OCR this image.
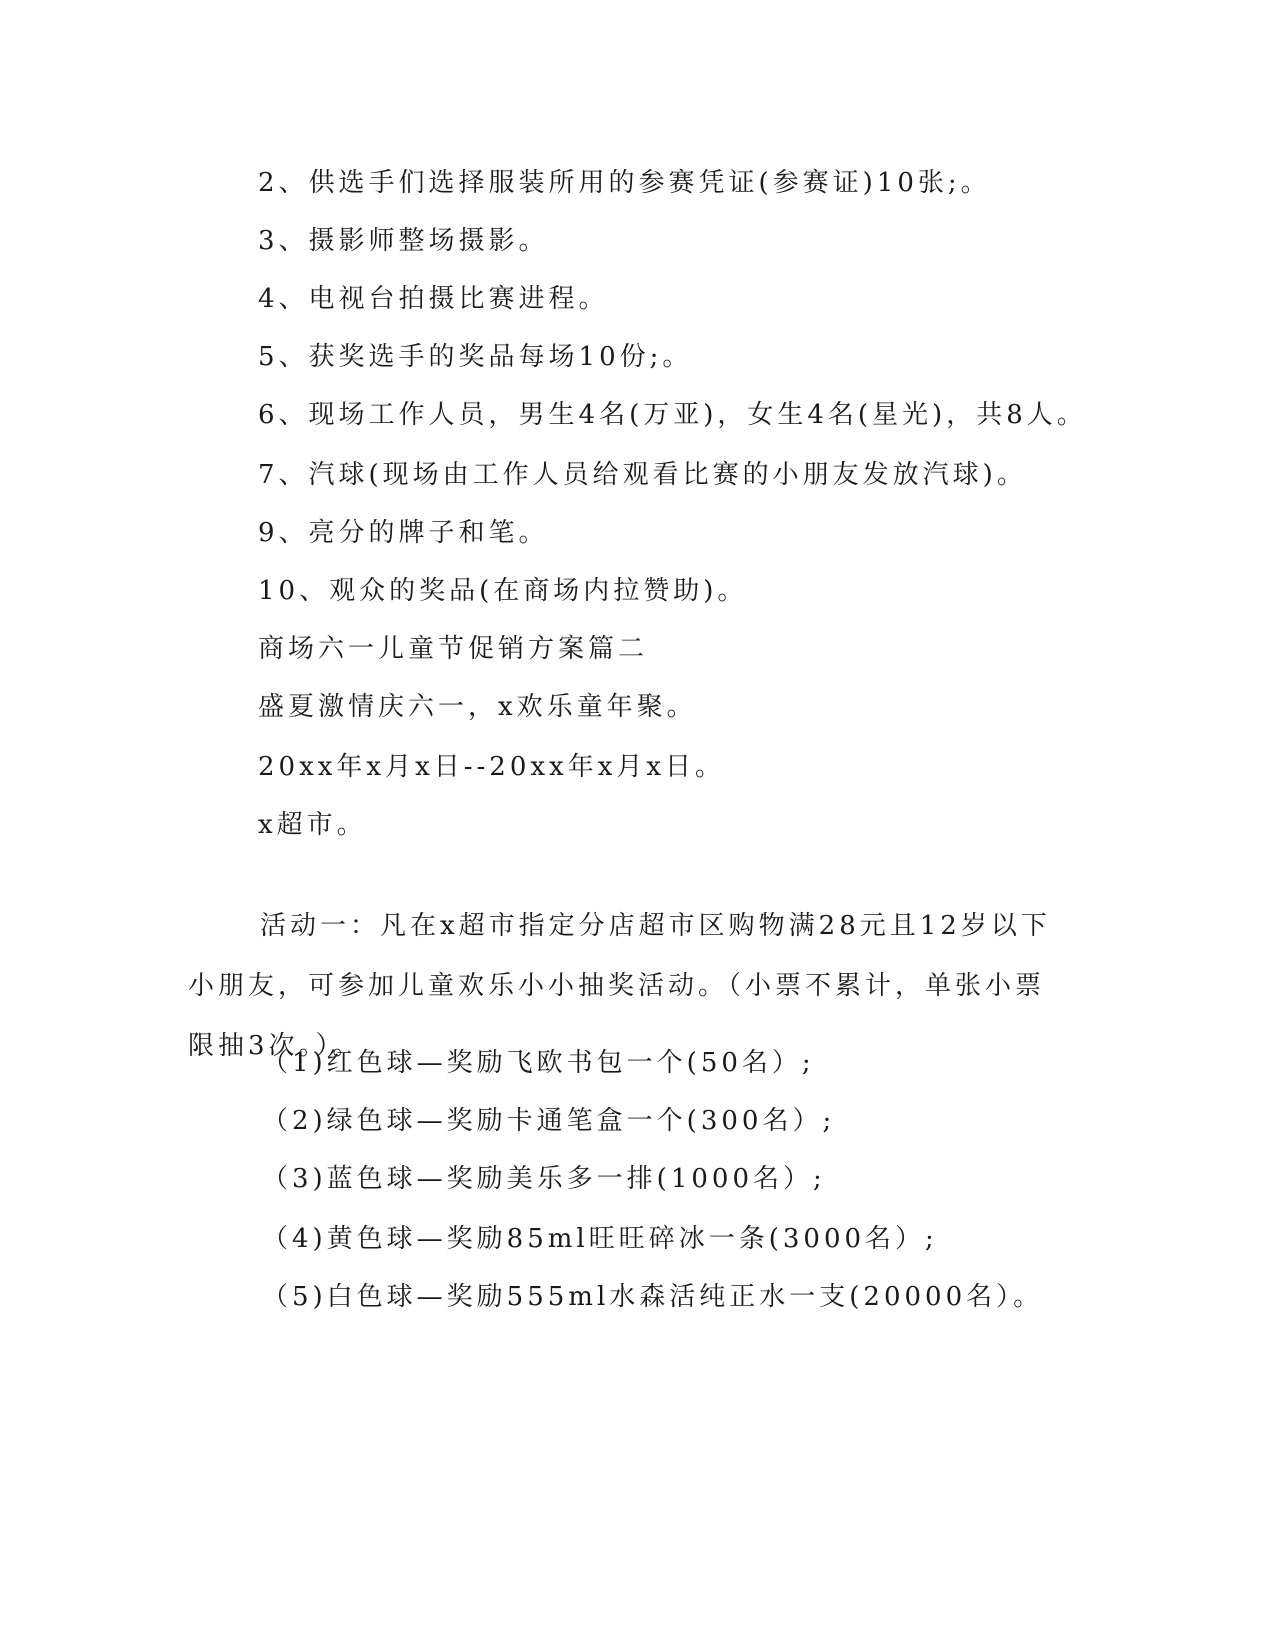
2、供选手们选择服装所用的参赛凭证(参赛证)10张;。
3、摄影师整场摄影。
4、电视台拍摄比赛进程。
5、获奖选手的奖品每场10份;。
6、现场工作人员，男生4名(万亚)，女生4名(星光)，共8人。
7、汽球(现场由工作人员给观看比赛的小朋友发放汽球)。
9、亮分的牌子和笔。
10、观众的奖品(在商场内拉赞助)。
商场六一儿童节促销方案篇二
盛夏激情庆六一，x欢乐童年聚。
20xx年x月x日--20xx年x月x日。
x超市。
活动一：凡在x超市指定分店超市区购物满28元且12岁以下小朋友，可参加儿童欢乐小小抽奖活动。（小票不累计，单张小票限抽3次。）。
（1)红色球—奖励飞欧书包一个(50名）;
（2)绿色球—奖励卡通笔盒一个(300名）;
（3)蓝色球—奖励美乐多一排(1000名）;
（4)黄色球—奖励85ml旺旺碎冰一条(3000名）;
（5)白色球—奖励555ml水森活纯正水一支(20000名）。
